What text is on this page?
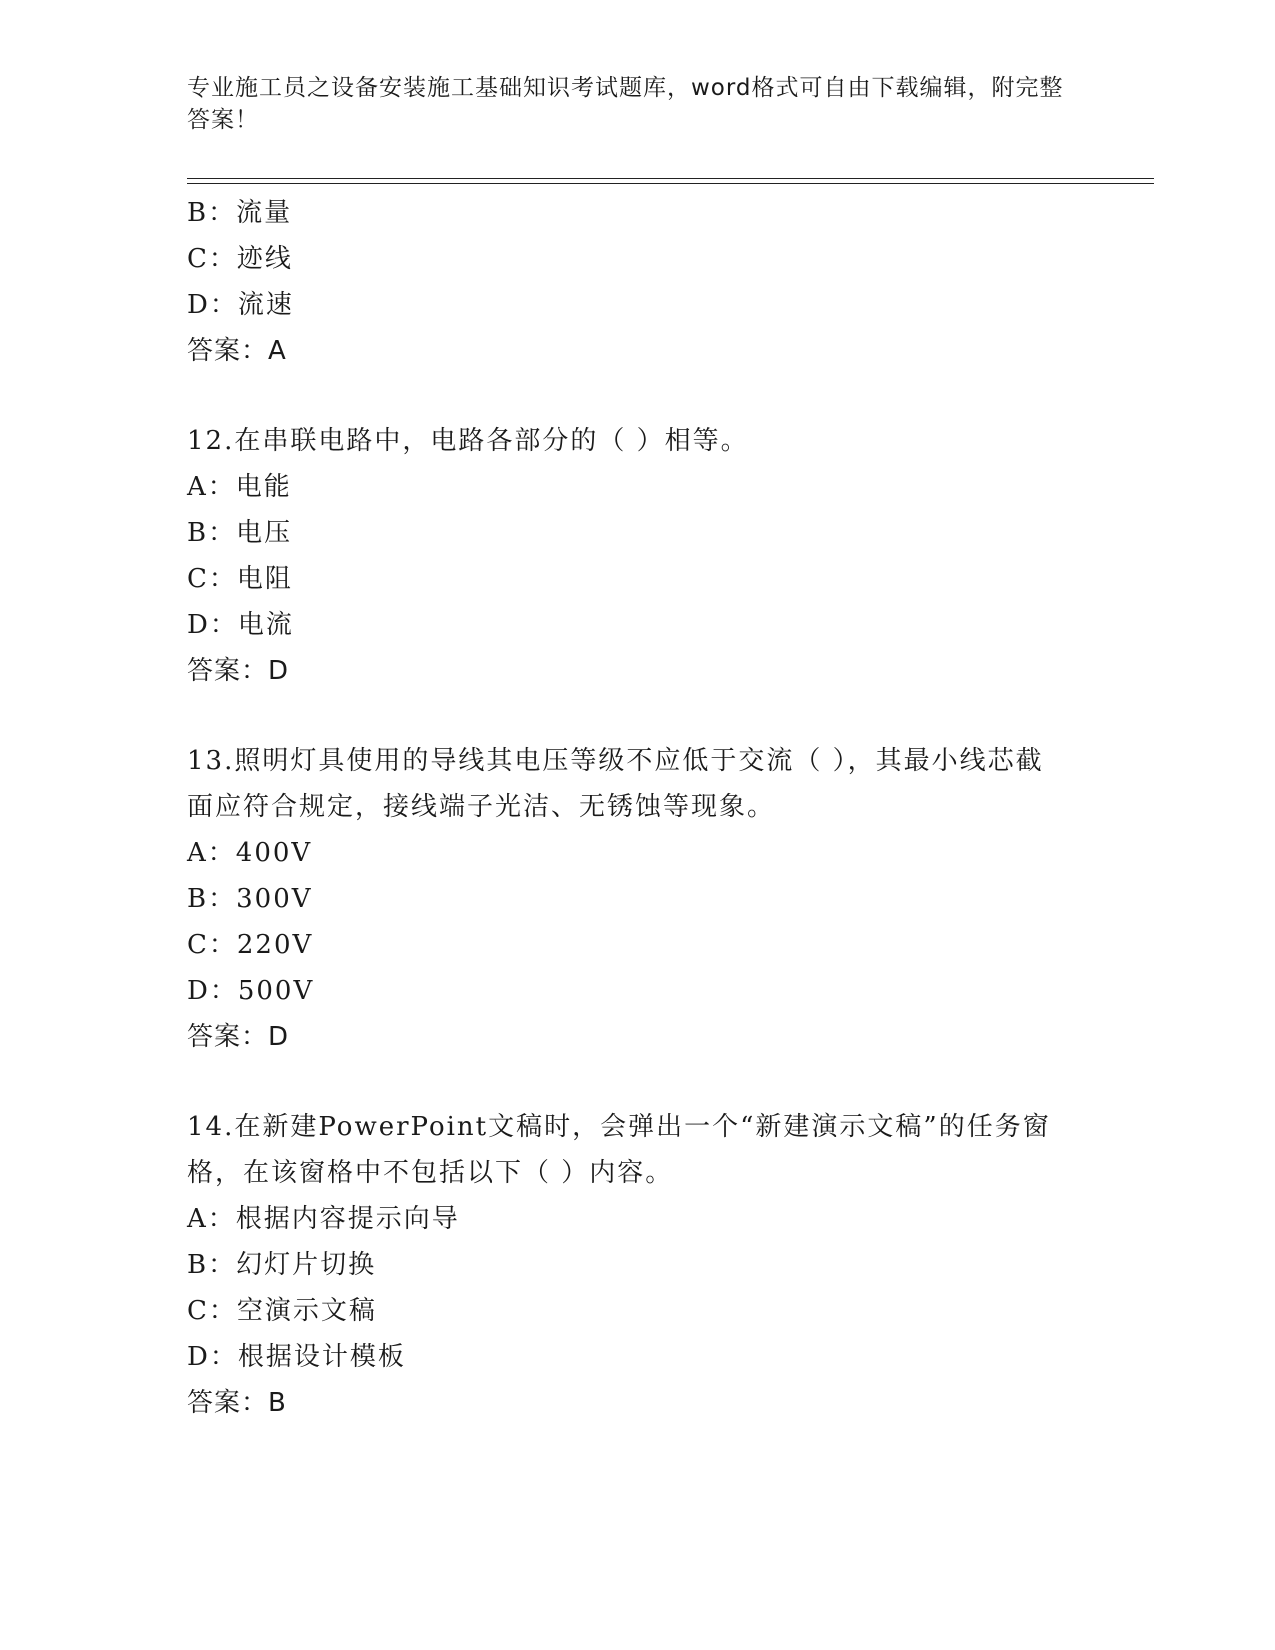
专业施工员之设备安装施工基础知识考试题库，word格式可自由下载编辑，附完整答案！
B：流量
C：迹线
D：流速
答案：A
12.在串联电路中，电路各部分的（ ）相等。
A：电能
B：电压
C：电阻
D：电流
答案：D
13.照明灯具使用的导线其电压等级不应低于交流（ ），其最小线芯截面应符合规定，接线端子光洁、无锈蚀等现象。
A：400V
B：300V
C：220V
D：500V
答案：D
14.在新建PowerPoint文稿时，会弹出一个“新建演示文稿”的任务窗格，在该窗格中不包括以下（ ）内容。
A：根据内容提示向导
B：幻灯片切换
C：空演示文稿
D：根据设计模板
答案：B
